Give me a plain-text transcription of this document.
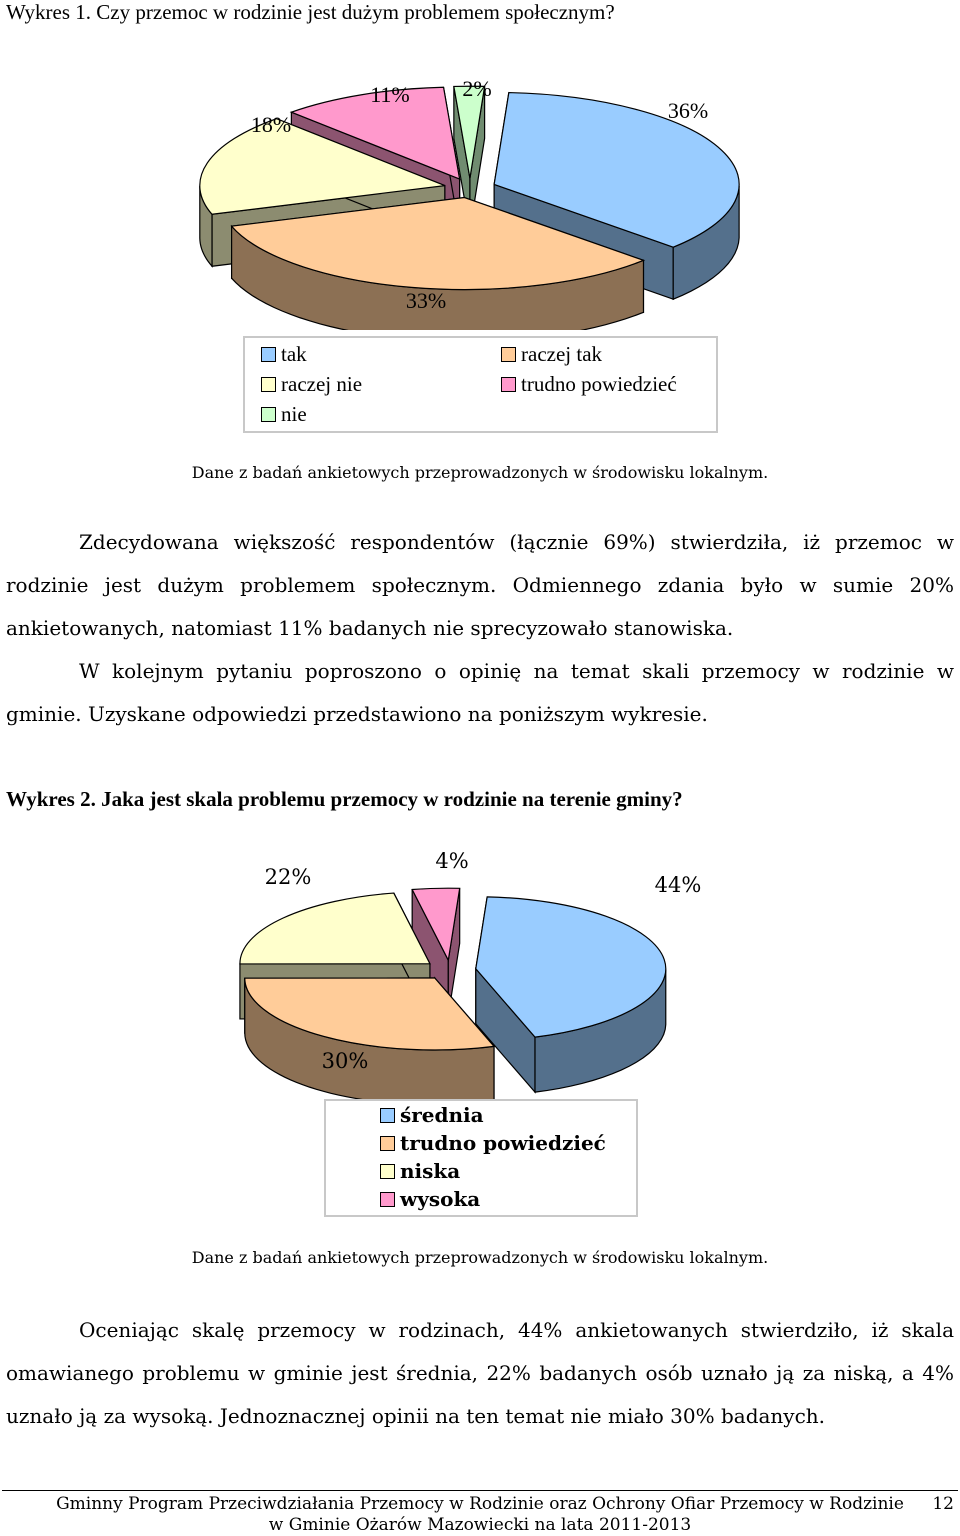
Wykres 1. Czy przemoc w rodzinie jest dużym problemem społecznym?
36%
33%
18%
11% 2%
tak	raczej tak
raczej nie	trudno powiedzieć
nie
Dane z badań ankietowych przeprowadzonych w środowisku lokalnym.

Zdecydowana większość respondentów (łącznie 69%) stwierdziła, iż przemoc w rodzinie jest dużym problemem społecznym. Odmiennego zdania było w sumie 20% ankietowanych, natomiast 11% badanych nie sprecyzowało stanowiska.

W kolejnym pytaniu poproszono o opinię na temat skali przemocy w rodzinie w gminie. Uzyskane odpowiedzi przedstawiono na poniższym wykresie.

Wykres 2. Jaka jest skala problemu przemocy w rodzinie na terenie gminy?
44%
30%
22%
4%
średnia
trudno powiedzieć
niska
wysoka
Dane z badań ankietowych przeprowadzonych w środowisku lokalnym.

Oceniając skalę przemocy w rodzinach, 44% ankietowanych stwierdziło, iż skala omawianego problemu w gminie jest średnia, 22% badanych osób uznało ją za niską, a 4% uznało ją za wysoką. Jednoznacznej opinii na ten temat nie miało 30% badanych.

Gminny Program Przeciwdziałania Przemocy w Rodzinie oraz Ochrony Ofiar Przemocy w Rodzinie
w Gminie Ożarów Mazowiecki na lata 2011-2013
12
